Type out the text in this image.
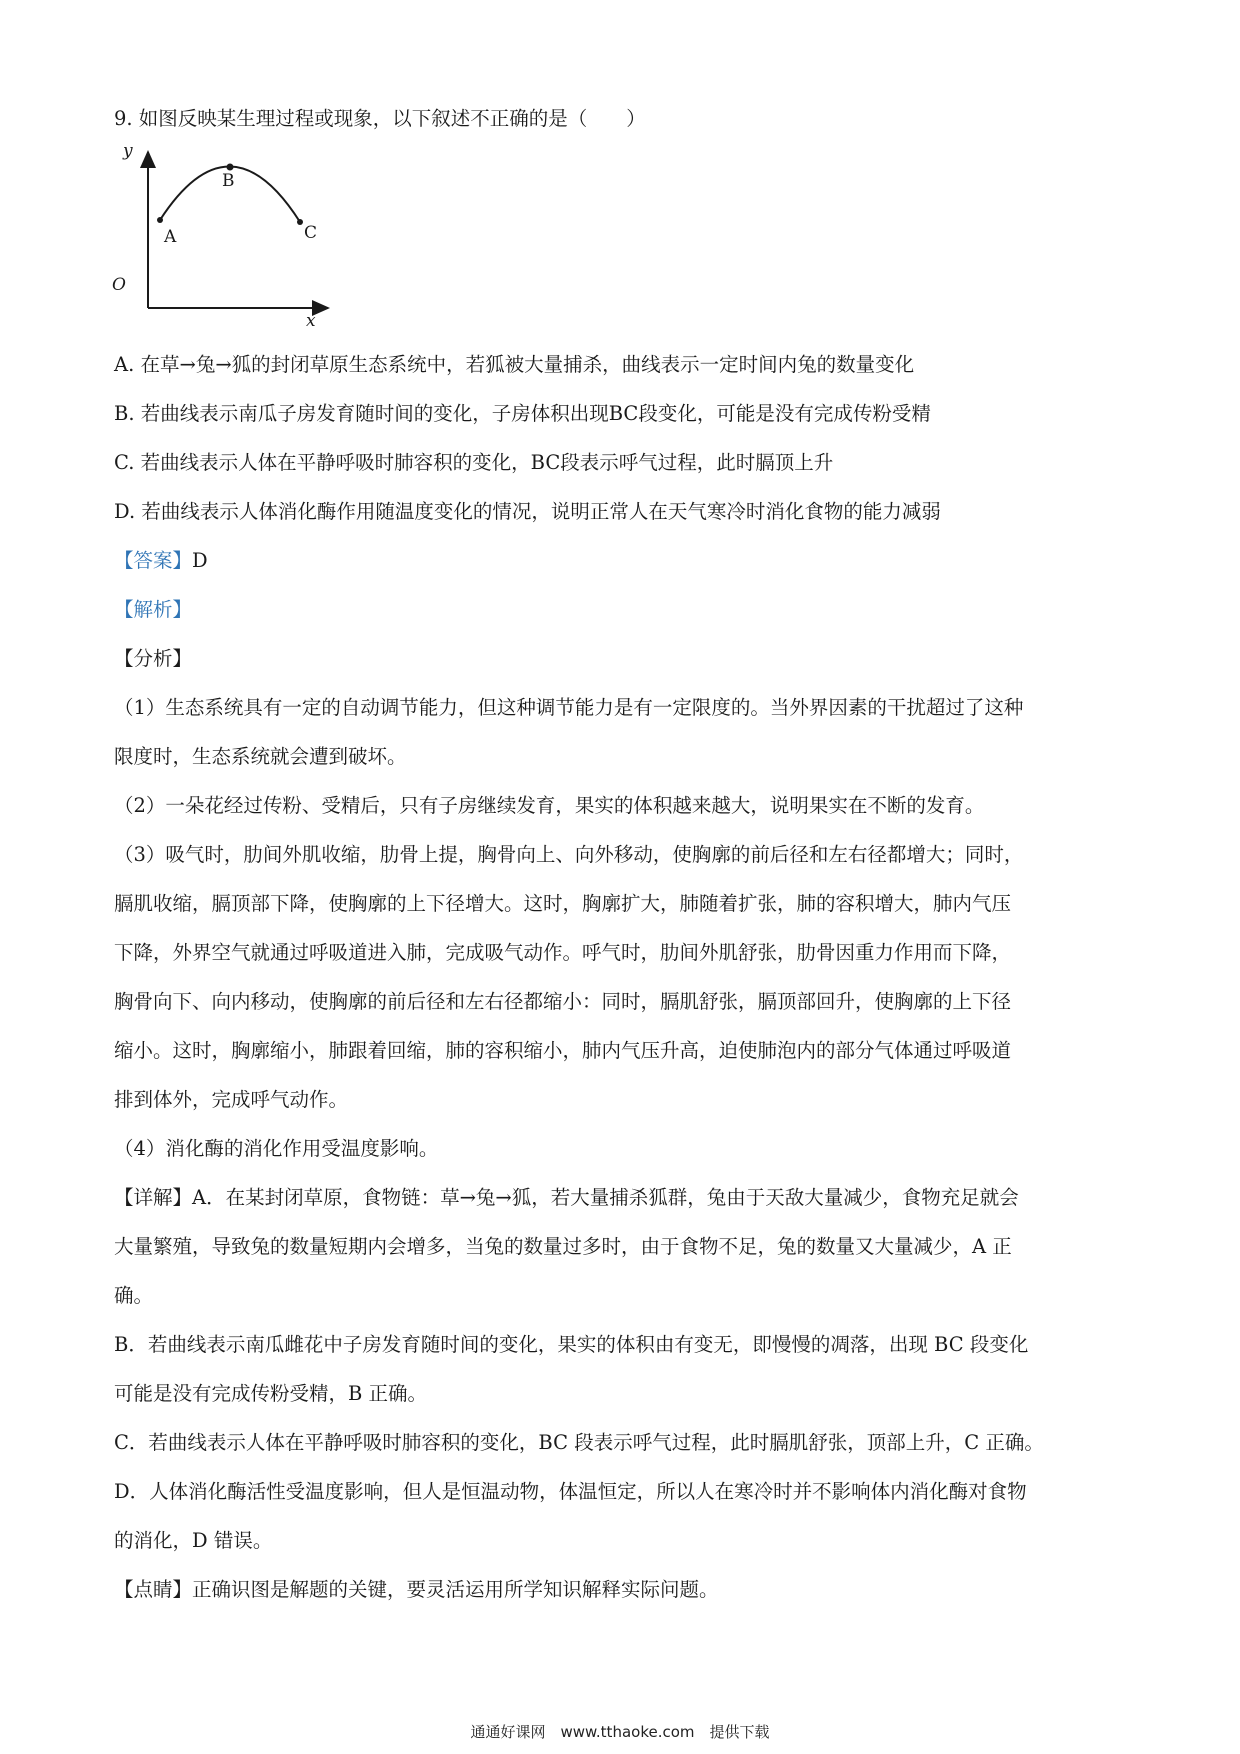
9. 如图反映某生理过程或现象，以下叙述不正确的是（　　）
y
x
O
A
B
C
A. 在草→兔→狐的封闭草原生态系统中，若狐被大量捕杀，曲线表示一定时间内兔的数量变化
B. 若曲线表示南瓜子房发育随时间的变化，子房体积出现BC段变化，可能是没有完成传粉受精
C. 若曲线表示人体在平静呼吸时肺容积的变化，BC段表示呼气过程，此时膈顶上升
D. 若曲线表示人体消化酶作用随温度变化的情况，说明正常人在天气寒冷时消化食物的能力减弱
【答案】D
【解析】
【分析】
（1）生态系统具有一定的自动调节能力，但这种调节能力是有一定限度的。当外界因素的干扰超过了这种
限度时，生态系统就会遭到破坏。
（2）一朵花经过传粉、受精后，只有子房继续发育，果实的体积越来越大，说明果实在不断的发育。
（3）吸气时，肋间外肌收缩，肋骨上提，胸骨向上、向外移动，使胸廓的前后径和左右径都增大；同时，
膈肌收缩，膈顶部下降，使胸廓的上下径增大。这时，胸廓扩大，肺随着扩张，肺的容积增大，肺内气压
下降，外界空气就通过呼吸道进入肺，完成吸气动作。呼气时，肋间外肌舒张，肋骨因重力作用而下降，
胸骨向下、向内移动，使胸廓的前后径和左右径都缩小：同时，膈肌舒张，膈顶部回升，使胸廓的上下径
缩小。这时，胸廓缩小，肺跟着回缩，肺的容积缩小，肺内气压升高，迫使肺泡内的部分气体通过呼吸道
排到体外，完成呼气动作。
（4）消化酶的消化作用受温度影响。
【详解】A．在某封闭草原，食物链：草→兔→狐，若大量捕杀狐群，兔由于天敌大量减少，食物充足就会
大量繁殖，导致兔的数量短期内会增多，当兔的数量过多时，由于食物不足，兔的数量又大量减少，A 正
确。
B．若曲线表示南瓜雌花中子房发育随时间的变化，果实的体积由有变无，即慢慢的凋落，出现 BC 段变化
可能是没有完成传粉受精，B 正确。
C．若曲线表示人体在平静呼吸时肺容积的变化，BC 段表示呼气过程，此时膈肌舒张，顶部上升，C 正确。
D．人体消化酶活性受温度影响，但人是恒温动物，体温恒定，所以人在寒冷时并不影响体内消化酶对食物
的消化，D 错误。
【点睛】正确识图是解题的关键，要灵活运用所学知识解释实际问题。
通通好课网　www.tthaoke.com　提供下载
